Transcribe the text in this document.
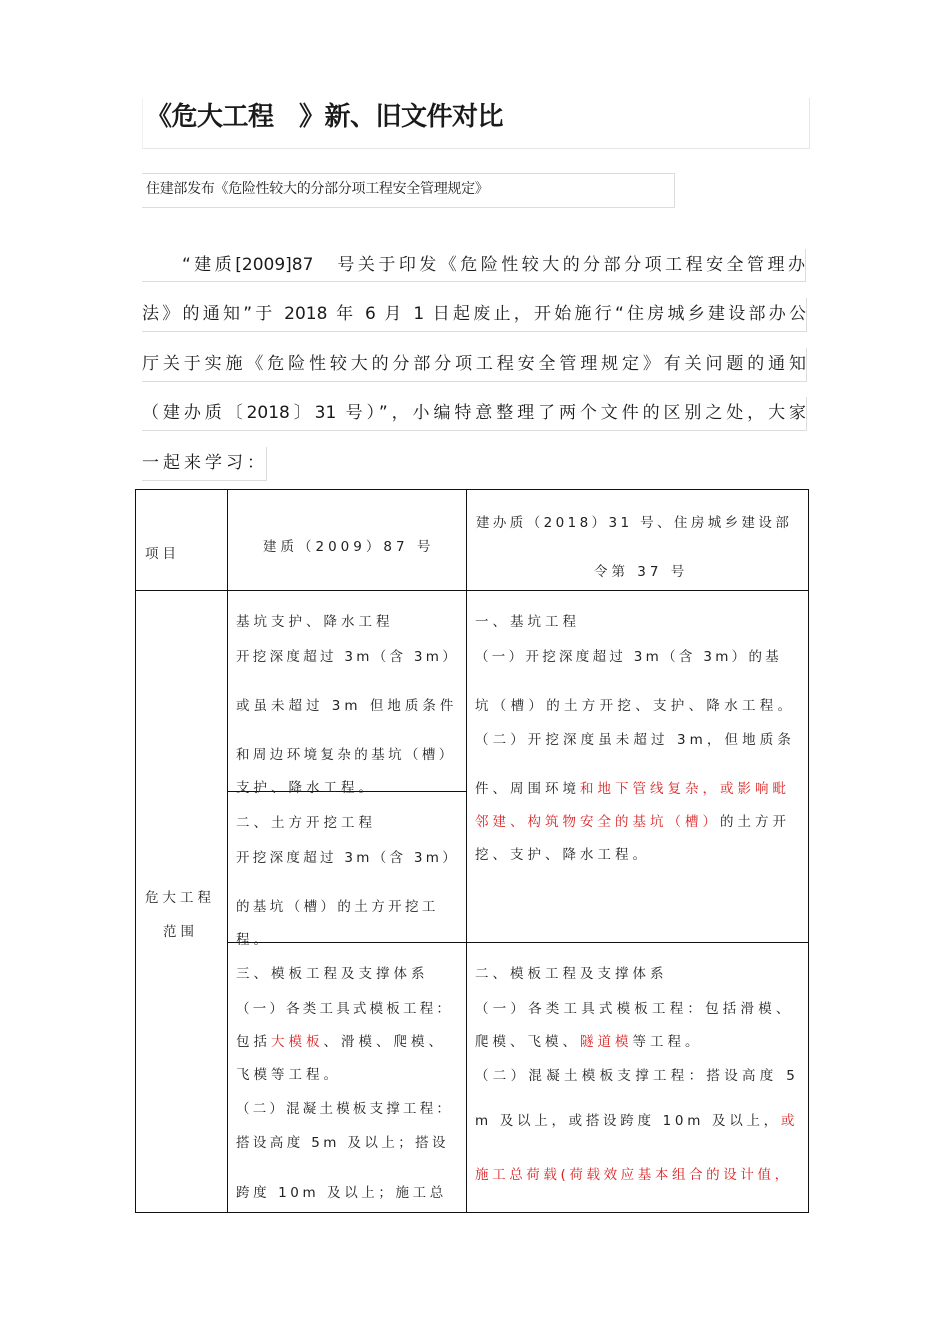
《危大工程　 》新、旧文件对比
住建部发布《危险性较大的分部分项工程安全管理规定》
“建质[2009]87　号关于印发《危险性较大的分部分项工程安全管理办
法》的通知”于 2018 年 6 月 1 日起废止，开始施行“住房城乡建设部办公
厅关于实施《危险性较大的分部分项工程安全管理规定》有关问题的通知
（建办质〔2018〕31 号）”，小编特意整理了两个文件的区别之处，大家
一起来学习：
项目	建质（2009）87 号
建办质（2018）31 号、住房城乡建设部
令第 37 号
危大工程
范围
基坑支护、降水工程
开挖深度超过 3m（含 3m）
或虽未超过 3m 但地质条件
和周边环境复杂的基坑（槽）
支护、降水工程。
二、土方开挖工程
开挖深度超过 3m（含 3m）
的基坑（槽）的土方开挖工
程。
三、模板工程及支撑体系
（一）各类工具式模板工程：
包括大模板、滑模、爬模、
飞模等工程。
（二）混凝土模板支撑工程：
搭设高度 5m 及以上；搭设
跨度 10m 及以上；施工总
一、基坑工程
（一）开挖深度超过 3m（含 3m）的基
坑（槽）的土方开挖、支护、降水工程。
（二）开挖深度虽未超过 3m，但地质条
件、周围环境和地下管线复杂，或影响毗
邻建、构筑物安全的基坑（槽）的土方开
挖、支护、降水工程。
二、模板工程及支撑体系
（一）各类工具式模板工程：包括滑模、
爬模、飞模、隧道模等工程。
（二）混凝土模板支撑工程：搭设高度 5
m 及以上，或搭设跨度 10m 及以上，或
施工总荷载(荷载效应基本组合的设计值，
